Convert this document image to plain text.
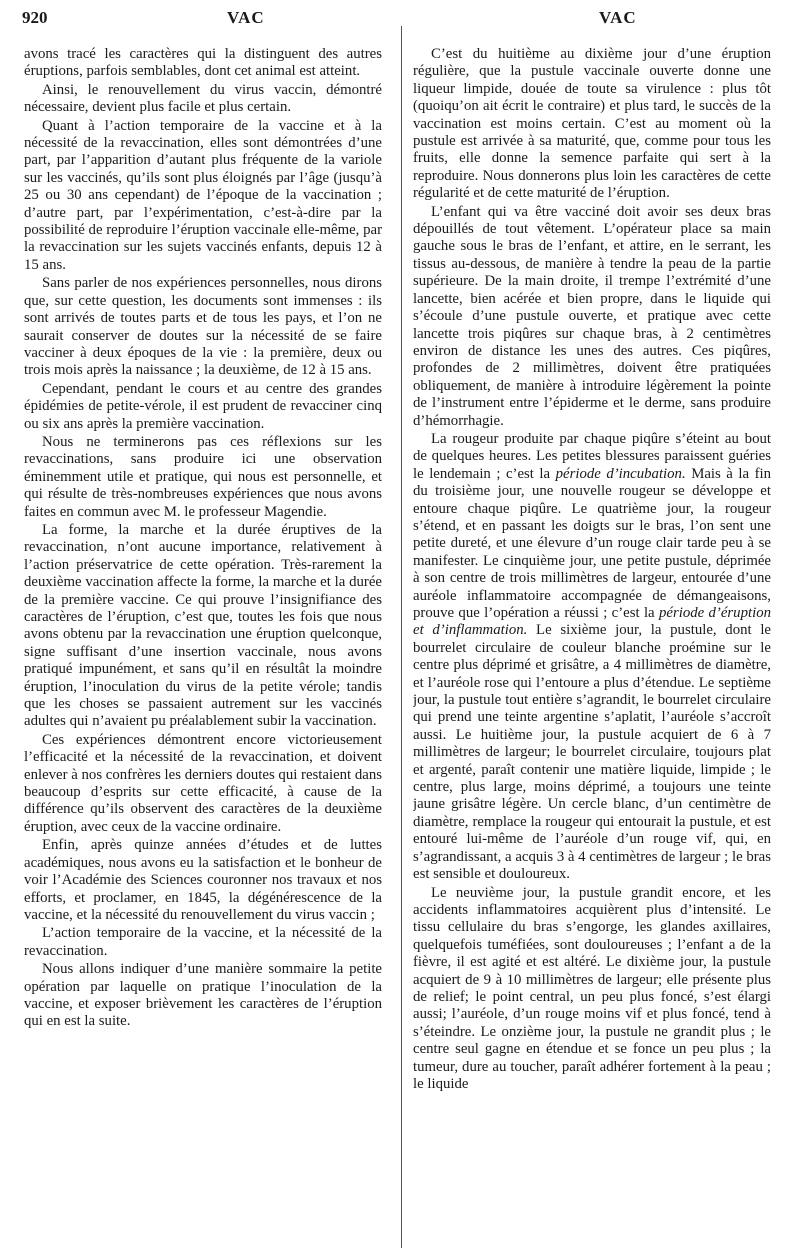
920	VAC	VAC

avons tracé les caractères qui la distinguent des autres éruptions, parfois semblables, dont cet animal est atteint.

Ainsi, le renouvellement du virus vaccin, démontré nécessaire, devient plus facile et plus certain.

Quant à l’action temporaire de la vaccine et à la nécessité de la revaccination, elles sont démontrées d’une part, par l’apparition d’autant plus fréquente de la variole sur les vaccinés, qu’ils sont plus éloignés par l’âge (jusqu’à 25 ou 30 ans cependant) de l’époque de la vaccination ; d’autre part, par l’expérimentation, c’est-à-dire par la possibilité de reproduire l’éruption vaccinale elle-même, par la revaccination sur les sujets vaccinés enfants, depuis 12 à 15 ans.

Sans parler de nos expériences personnelles, nous dirons que, sur cette question, les documents sont immenses : ils sont arrivés de toutes parts et de tous les pays, et l’on ne saurait conserver de doutes sur la nécessité de se faire vacciner à deux époques de la vie : la première, deux ou trois mois après la naissance ; la deuxième, de 12 à 15 ans.

Cependant, pendant le cours et au centre des grandes épidémies de petite-vérole, il est prudent de revacciner cinq ou six ans après la première vaccination.

Nous ne terminerons pas ces réflexions sur les revaccinations, sans produire ici une observation éminemment utile et pratique, qui nous est personnelle, et qui résulte de très-nombreuses expériences que nous avons faites en commun avec M. le professeur Magendie.

La forme, la marche et la durée éruptives de la revaccination, n’ont aucune importance, relativement à l’action préservatrice de cette opération. Très-rarement la deuxième vaccination affecte la forme, la marche et la durée de la première vaccine. Ce qui prouve l’insignifiance des caractères de l’éruption, c’est que, toutes les fois que nous avons obtenu par la revaccination une éruption quelconque, signe suffisant d’une insertion vaccinale, nous avons pratiqué impunément, et sans qu’il en résultât la moindre éruption, l’inoculation du virus de la petite vérole; tandis que les choses se passaient autrement sur les vaccinés adultes qui n’avaient pu préalablement subir la vaccination.

Ces expériences démontrent encore victorieusement l’efficacité et la nécessité de la revaccination, et doivent enlever à nos confrères les derniers doutes qui restaient dans beaucoup d’esprits sur cette efficacité, à cause de la différence qu’ils observent des caractères de la deuxième éruption, avec ceux de la vaccine ordinaire.

Enfin, après quinze années d’études et de luttes académiques, nous avons eu la satisfaction et le bonheur de voir l’Académie des Sciences couronner nos travaux et nos efforts, et proclamer, en 1845, la dégénérescence de la vaccine, et la nécessité du renouvellement du virus vaccin ;

L’action temporaire de la vaccine, et la nécessité de la revaccination.

Nous allons indiquer d’une manière sommaire la petite opération par laquelle on pratique l’inoculation de la vaccine, et exposer brièvement les caractères de l’éruption qui en est la suite.

C’est du huitième au dixième jour d’une éruption régulière, que la pustule vaccinale ouverte donne une liqueur limpide, douée de toute sa virulence : plus tôt (quoiqu’on ait écrit le contraire) et plus tard, le succès de la vaccination est moins certain. C’est au moment où la pustule est arrivée à sa maturité, que, comme pour tous les fruits, elle donne la semence parfaite qui sert à la reproduire. Nous donnerons plus loin les caractères de cette régularité et de cette maturité de l’éruption.

L’enfant qui va être vacciné doit avoir ses deux bras dépouillés de tout vêtement. L’opérateur place sa main gauche sous le bras de l’enfant, et attire, en le serrant, les tissus au-dessous, de manière à tendre la peau de la partie supérieure. De la main droite, il trempe l’extrémité d’une lancette, bien acérée et bien propre, dans le liquide qui s’écoule d’une pustule ouverte, et pratique avec cette lancette trois piqûres sur chaque bras, à 2 centimètres environ de distance les unes des autres. Ces piqûres, profondes de 2 millimètres, doivent être pratiquées obliquement, de manière à introduire légèrement la pointe de l’instrument entre l’épiderme et le derme, sans produire d’hémorrhagie.

La rougeur produite par chaque piqûre s’éteint au bout de quelques heures. Les petites blessures paraissent guéries le lendemain ; c’est la période d’incubation. Mais à la fin du troisième jour, une nouvelle rougeur se développe et entoure chaque piqûre. Le quatrième jour, la rougeur s’étend, et en passant les doigts sur le bras, l’on sent une petite dureté, et une élevure d’un rouge clair tarde peu à se manifester. Le cinquième jour, une petite pustule, déprimée à son centre de trois millimètres de largeur, entourée d’une auréole inflammatoire accompagnée de démangeaisons, prouve que l’opération a réussi ; c’est la période d’éruption et d’inflammation. Le sixième jour, la pustule, dont le bourrelet circulaire de couleur blanche proémine sur le centre plus déprimé et grisâtre, a 4 millimètres de diamètre, et l’auréole rose qui l’entoure a plus d’étendue. Le septième jour, la pustule tout entière s’agrandit, le bourrelet circulaire qui prend une teinte argentine s’aplatit, l’auréole s’accroît aussi. Le huitième jour, la pustule acquiert de 6 à 7 millimètres de largeur; le bourrelet circulaire, toujours plat et argenté, paraît contenir une matière liquide, limpide ; le centre, plus large, moins déprimé, a toujours une teinte jaune grisâtre légère. Un cercle blanc, d’un centimètre de diamètre, remplace la rougeur qui entourait la pustule, et est entouré lui-même de l’auréole d’un rouge vif, qui, en s’agrandissant, a acquis 3 à 4 centimètres de largeur ; le bras est sensible et douloureux.

Le neuvième jour, la pustule grandit encore, et les accidents inflammatoires acquièrent plus d’intensité. Le tissu cellulaire du bras s’engorge, les glandes axillaires, quelquefois tuméfiées, sont douloureuses ; l’enfant a de la fièvre, il est agité et est altéré. Le dixième jour, la pustule acquiert de 9 à 10 millimètres de largeur; elle présente plus de relief; le point central, un peu plus foncé, s’est élargi aussi; l’auréole, d’un rouge moins vif et plus foncé, tend à s’éteindre. Le onzième jour, la pustule ne grandit plus ; le centre seul gagne en étendue et se fonce un peu plus ; la tumeur, dure au toucher, paraît adhérer fortement à la peau ; le liquide
